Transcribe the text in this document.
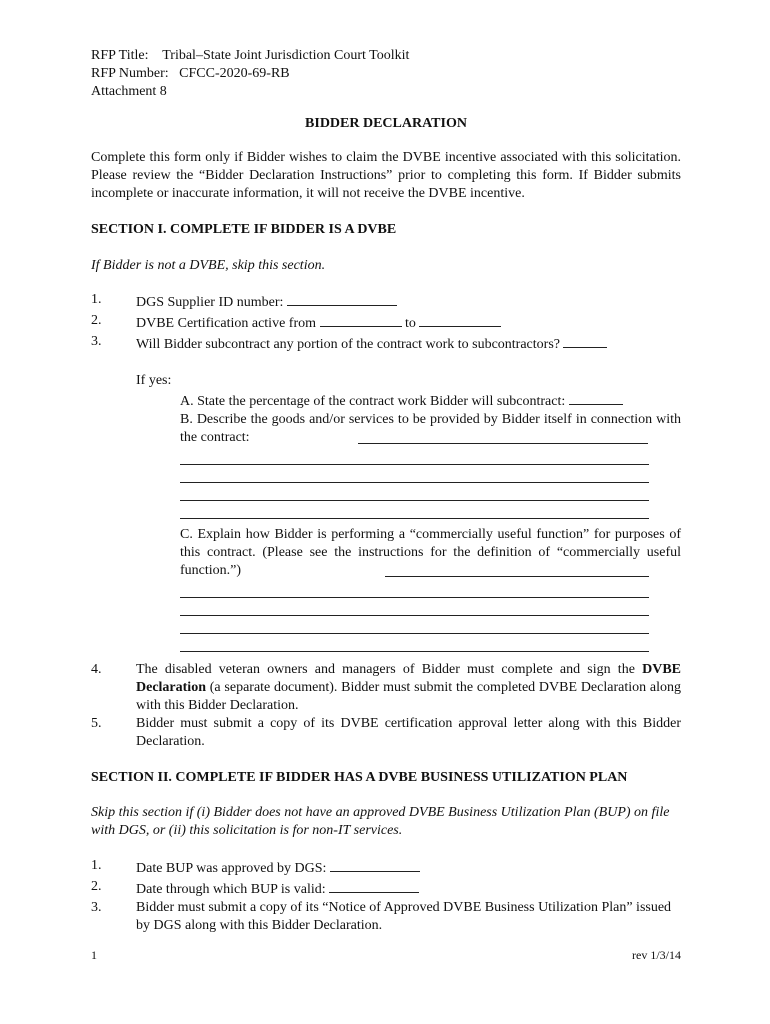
RFP Title: Tribal–State Joint Jurisdiction Court Toolkit
RFP Number: CFCC-2020-69-RB
Attachment 8
BIDDER DECLARATION
Complete this form only if Bidder wishes to claim the DVBE incentive associated with this solicitation. Please review the “Bidder Declaration Instructions” prior to completing this form. If Bidder submits incomplete or inaccurate information, it will not receive the DVBE incentive.
SECTION I. COMPLETE IF BIDDER IS A DVBE
If Bidder is not a DVBE, skip this section.
1. DGS Supplier ID number:
2. DVBE Certification active from	to
3. Will Bidder subcontract any portion of the contract work to subcontractors?
If yes:
A. State the percentage of the contract work Bidder will subcontract:
B. Describe the goods and/or services to be provided by Bidder itself in connection with the contract:
C. Explain how Bidder is performing a “commercially useful function” for purposes of this contract. (Please see the instructions for the definition of “commercially useful function.”)
4. The disabled veteran owners and managers of Bidder must complete and sign the DVBE Declaration (a separate document). Bidder must submit the completed DVBE Declaration along with this Bidder Declaration.
5. Bidder must submit a copy of its DVBE certification approval letter along with this Bidder Declaration.
SECTION II. COMPLETE IF BIDDER HAS A DVBE BUSINESS UTILIZATION PLAN
Skip this section if (i) Bidder does not have an approved DVBE Business Utilization Plan (BUP) on file with DGS, or (ii) this solicitation is for non-IT services.
1. Date BUP was approved by DGS:
2. Date through which BUP is valid:
3. Bidder must submit a copy of its “Notice of Approved DVBE Business Utilization Plan” issued by DGS along with this Bidder Declaration.
1	rev 1/3/14
